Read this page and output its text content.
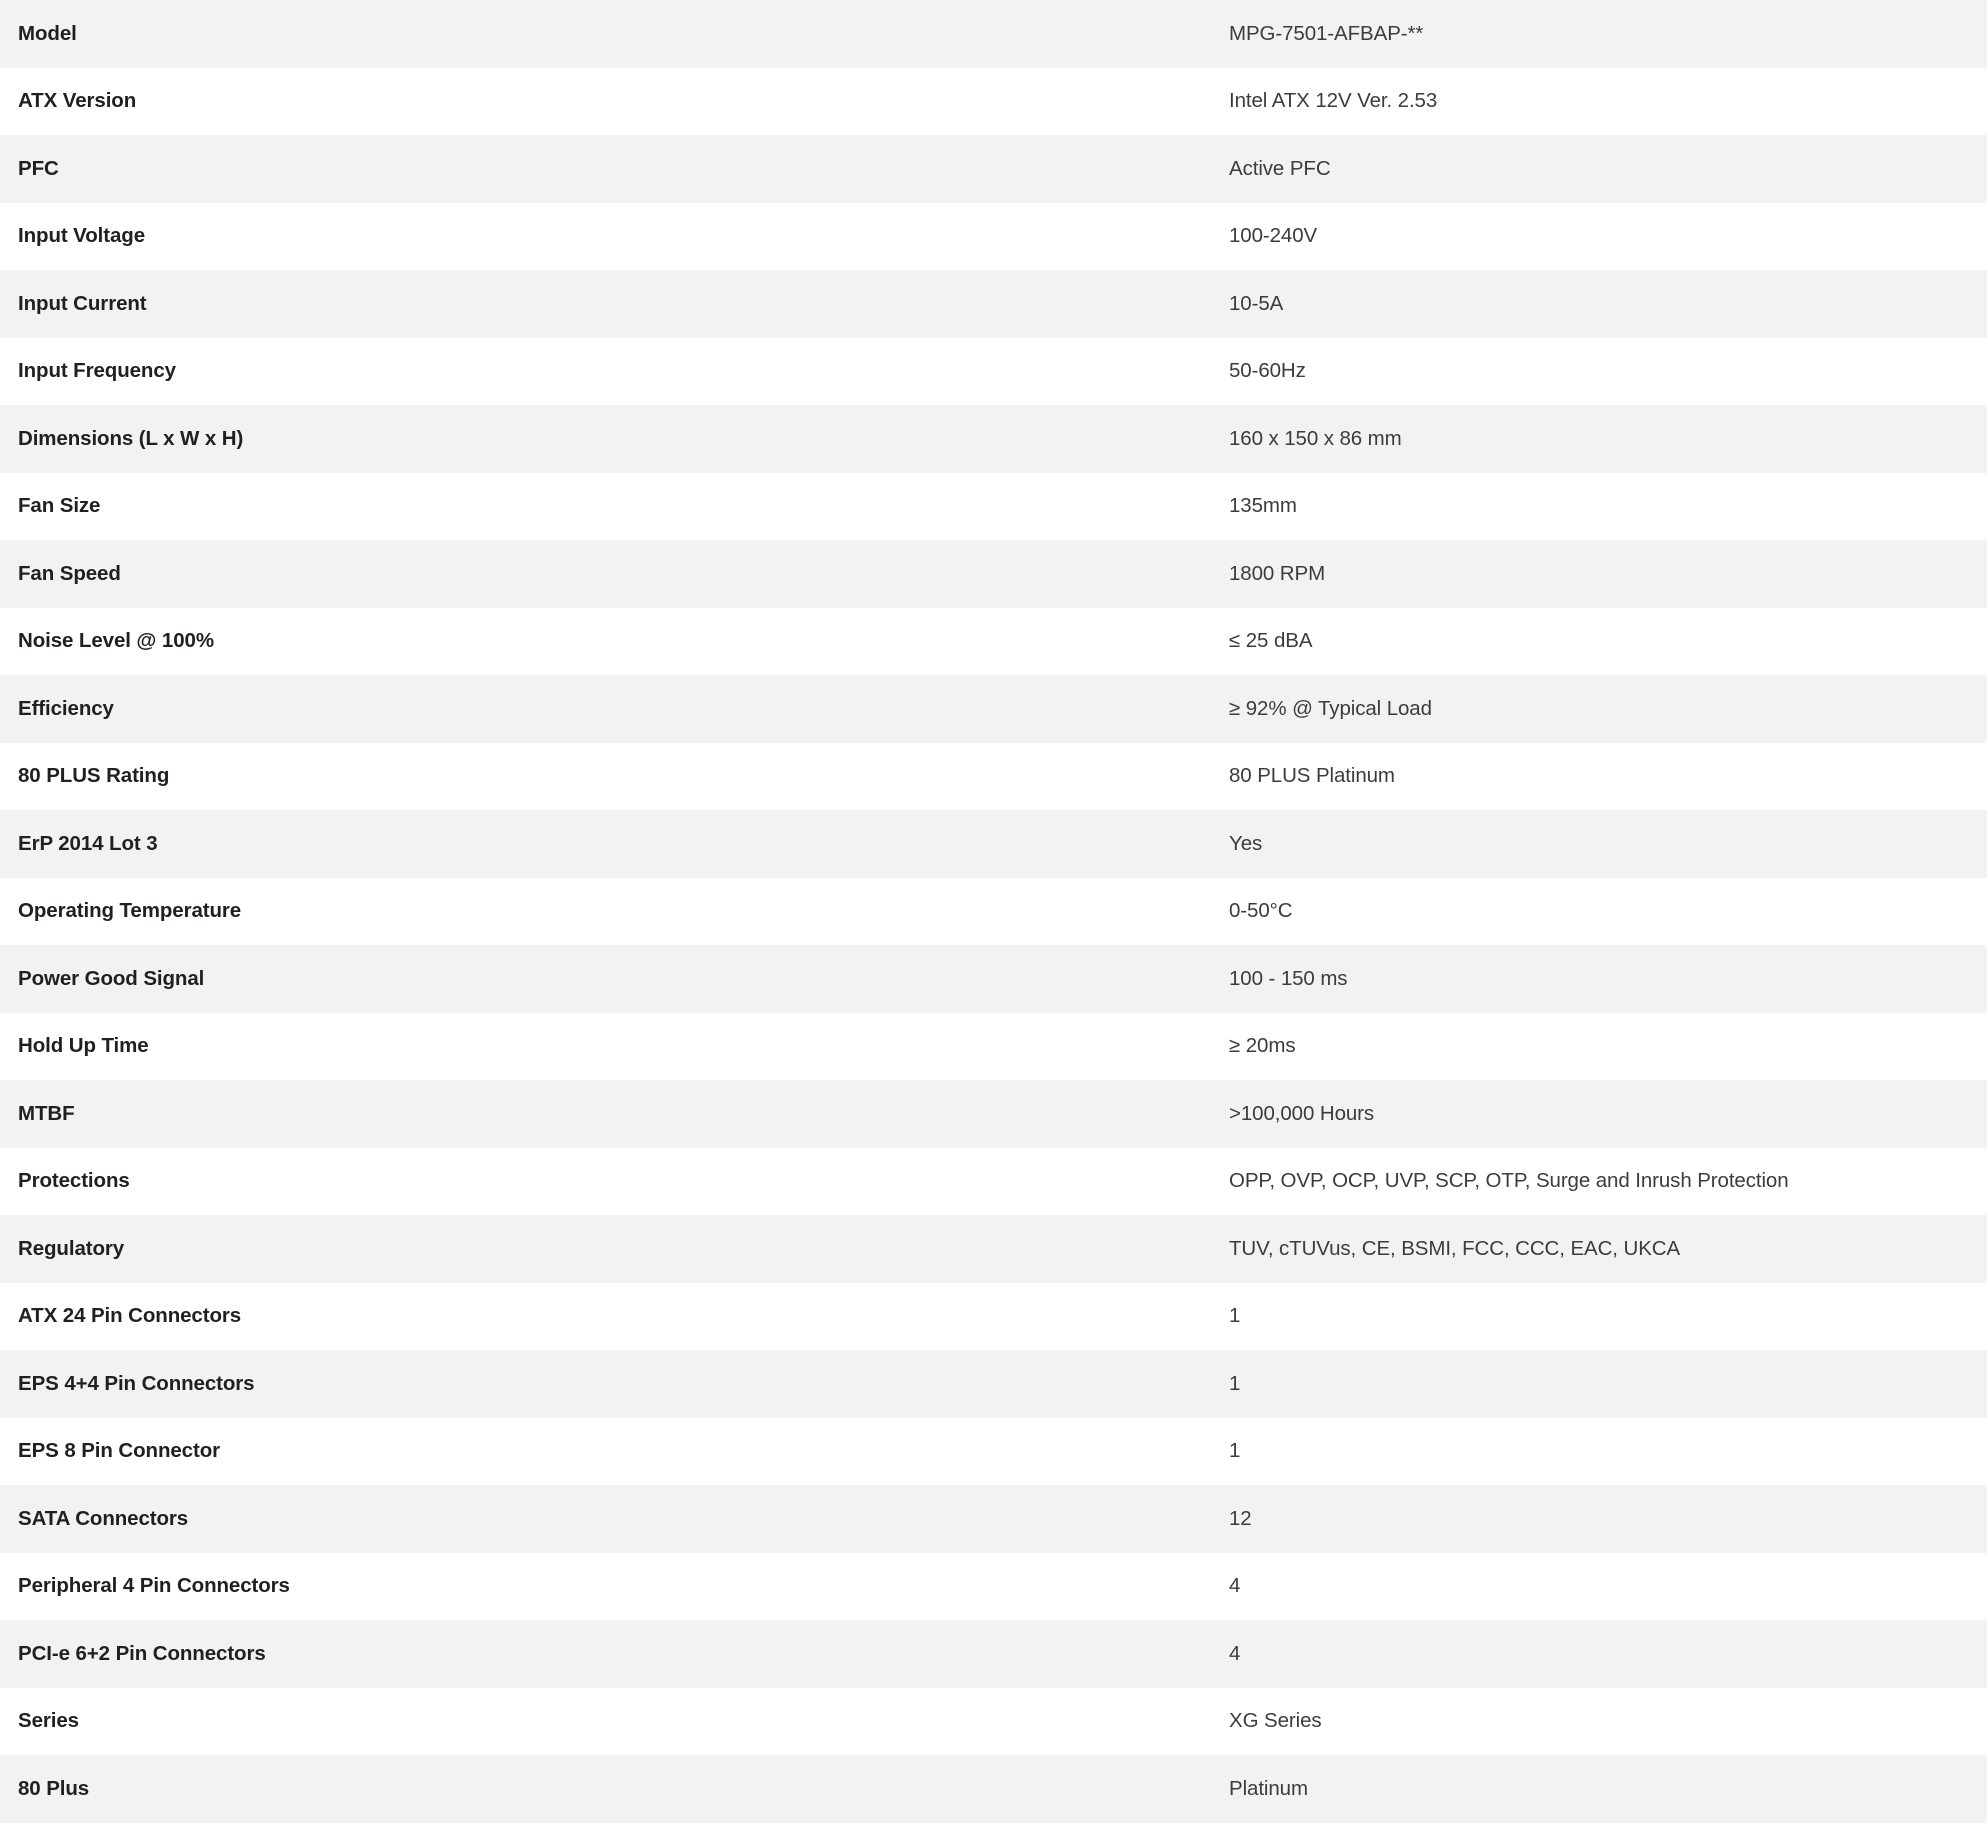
Model	MPG-7501-AFBAP-**

ATX Version	Intel ATX 12V Ver. 2.53

PFC	Active PFC

Input Voltage	100-240V

Input Current	10-5A

Input Frequency	50-60Hz

Dimensions (L x W x H)	160 x 150 x 86 mm

Fan Size	135mm

Fan Speed	1800 RPM

Noise Level @ 100%	≤ 25 dBA

Efficiency	≥ 92% @ Typical Load

80 PLUS Rating	80 PLUS Platinum

ErP 2014 Lot 3	Yes

Operating Temperature	0-50°C

Power Good Signal	100 - 150 ms

Hold Up Time	≥ 20ms

MTBF	>100,000 Hours

Protections	OPP, OVP, OCP, UVP, SCP, OTP, Surge and Inrush Protection

Regulatory	TUV, cTUVus, CE, BSMI, FCC, CCC, EAC, UKCA

ATX 24 Pin Connectors	1

EPS 4+4 Pin Connectors	1

EPS 8 Pin Connector	1

SATA Connectors	12

Peripheral 4 Pin Connectors	4

PCI-e 6+2 Pin Connectors	4

Series	XG Series

80 Plus	Platinum
